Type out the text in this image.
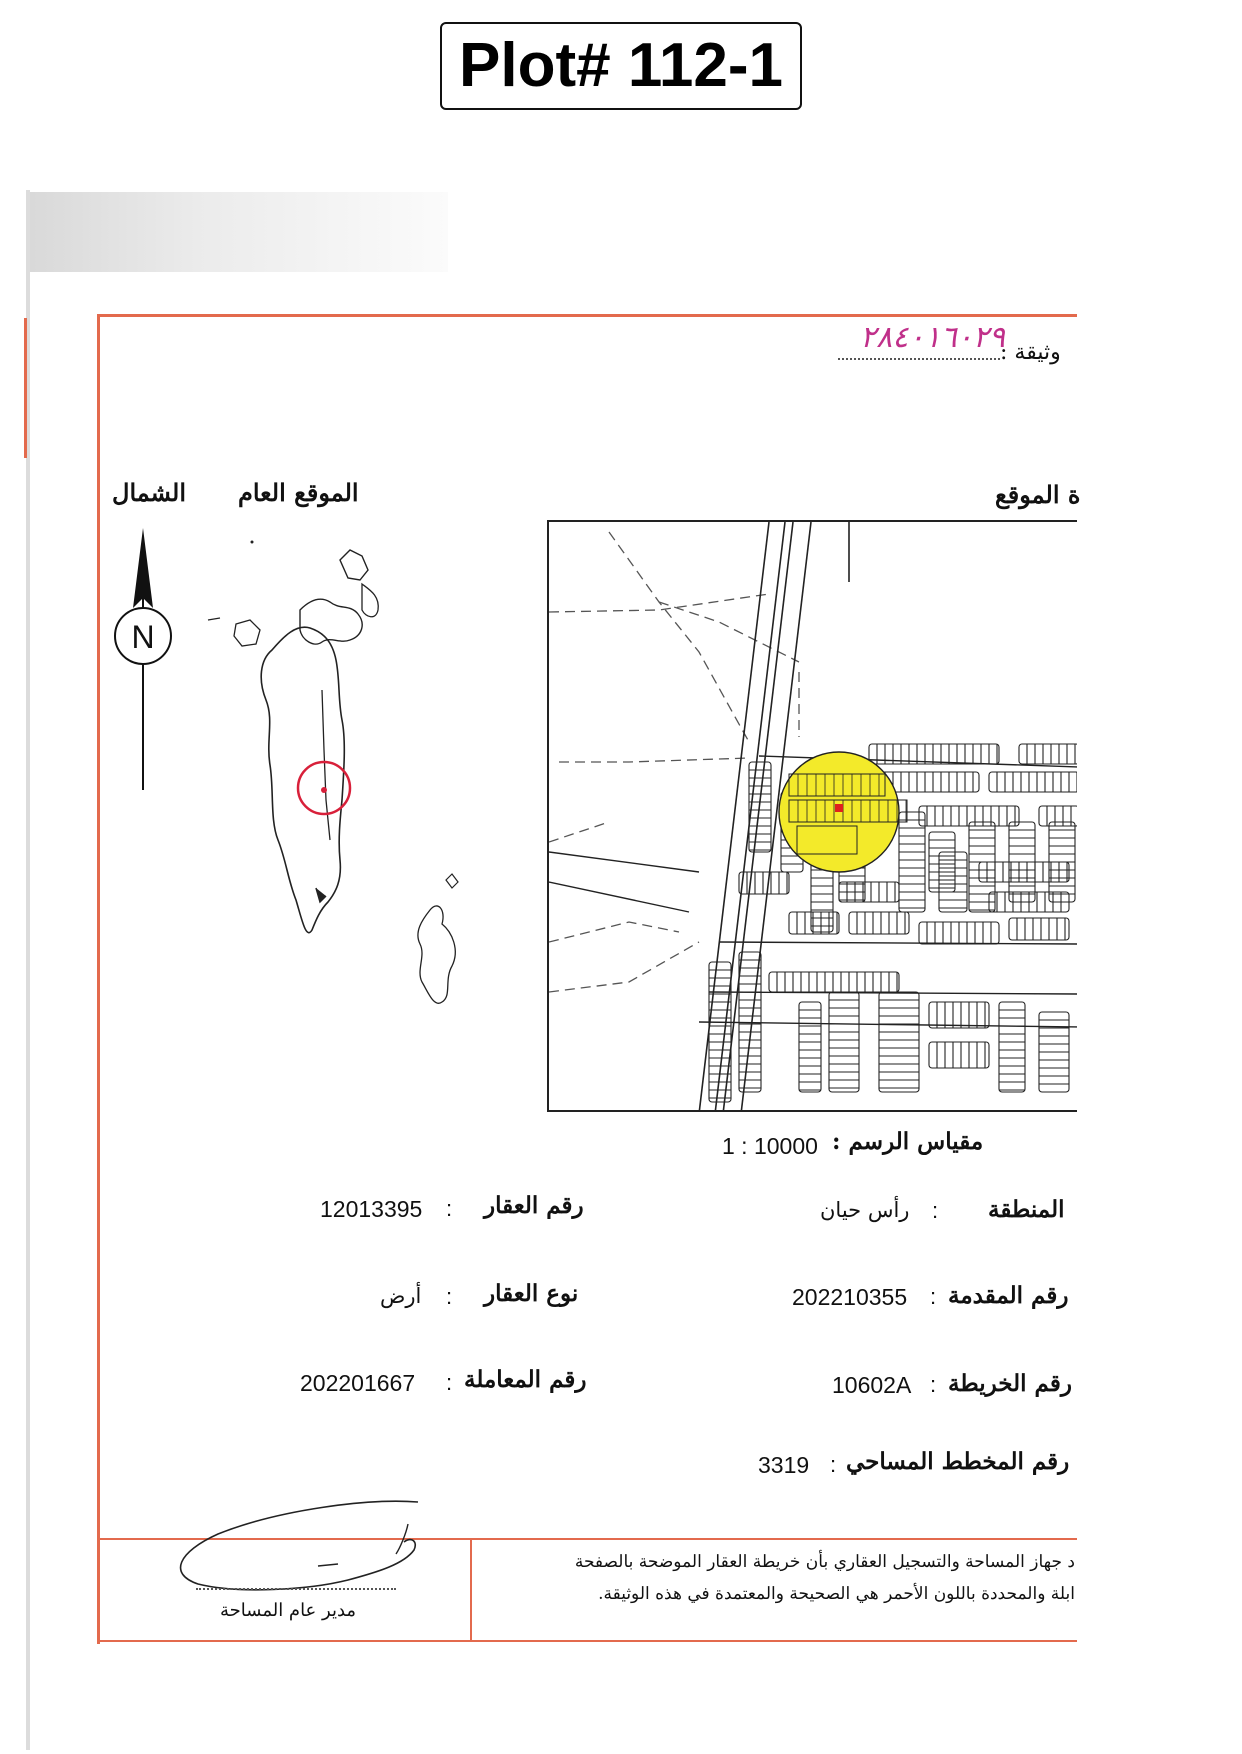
Plot# 112-1
وثيقة :
٢٨٤٠١٦٠٢٩
ة الموقع
الموقع العام
الشمال
N
مقياس الرسم :
1 : 10000
المنطقة
:
رأس حيان
رقم المقدمة
:
202210355
رقم الخريطة
:
10602A
رقم المخطط المساحي
:
3319
رقم العقار
:
12013395
نوع العقار
:
أرض
رقم المعاملة
:
202201667
د جهاز المساحة والتسجيل العقاري بأن خريطة العقار الموضحة بالصفحة
ابلة والمحددة باللون الأحمر هي الصحيحة والمعتمدة في هذه الوثيقة.
مدير عام المساحة
